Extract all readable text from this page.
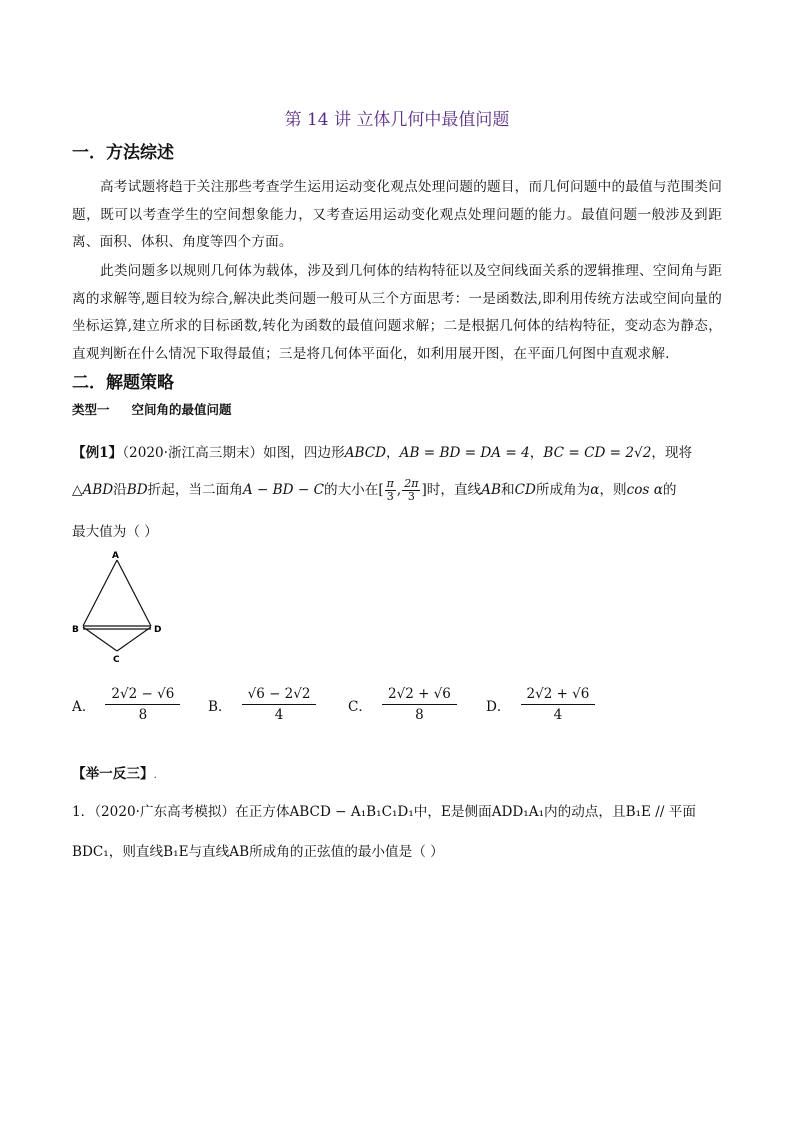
第 14 讲 立体几何中最值问题
一．方法综述
高考试题将趋于关注那些考查学生运用运动变化观点处理问题的题目，而几何问题中的最值与范围类问题，既可以考查学生的空间想象能力，又考查运用运动变化观点处理问题的能力。最值问题一般涉及到距离、面积、体积、角度等四个方面。
此类问题多以规则几何体为载体，涉及到几何体的结构特征以及空间线面关系的逻辑推理、空间角与距离的求解等,题目较为综合,解决此类问题一般可从三个方面思考：一是函数法,即利用传统方法或空间向量的坐标运算,建立所求的目标函数,转化为函数的最值问题求解；二是根据几何体的结构特征，变动态为静态，直观判断在什么情况下取得最值；三是将几何体平面化，如利用展开图，在平面几何图中直观求解.
二．解题策略
类型一 空间角的最值问题
【例1】（2020·浙江高三期末）如图，四边形ABCD，AB = BD = DA = 4，BC = CD = 2√2，现将
△ABD沿BD折起，当二面角A − BD − C的大小在[ $\frac{\pi}{3}$ , $\frac{2\pi}{3}$ ]时，直线AB和CD所成角为α，则cos α的
最大值为（ ）
A
B	D
C
A． $\frac{2√2 - √6}{8}$ B． $\frac{√6 - 2√2}{4}$ C． $\frac{2√2 + √6}{8}$ D． $\frac{2√2 + √6}{4}$
【举一反三】.
1．（2020·广东高考模拟）在正方体ABCD − A₁B₁C₁D₁中，E是侧面ADD₁A₁内的动点，且B₁E // 平面
BDC₁，则直线B₁E与直线AB所成角的正弦值的最小值是（ ）
